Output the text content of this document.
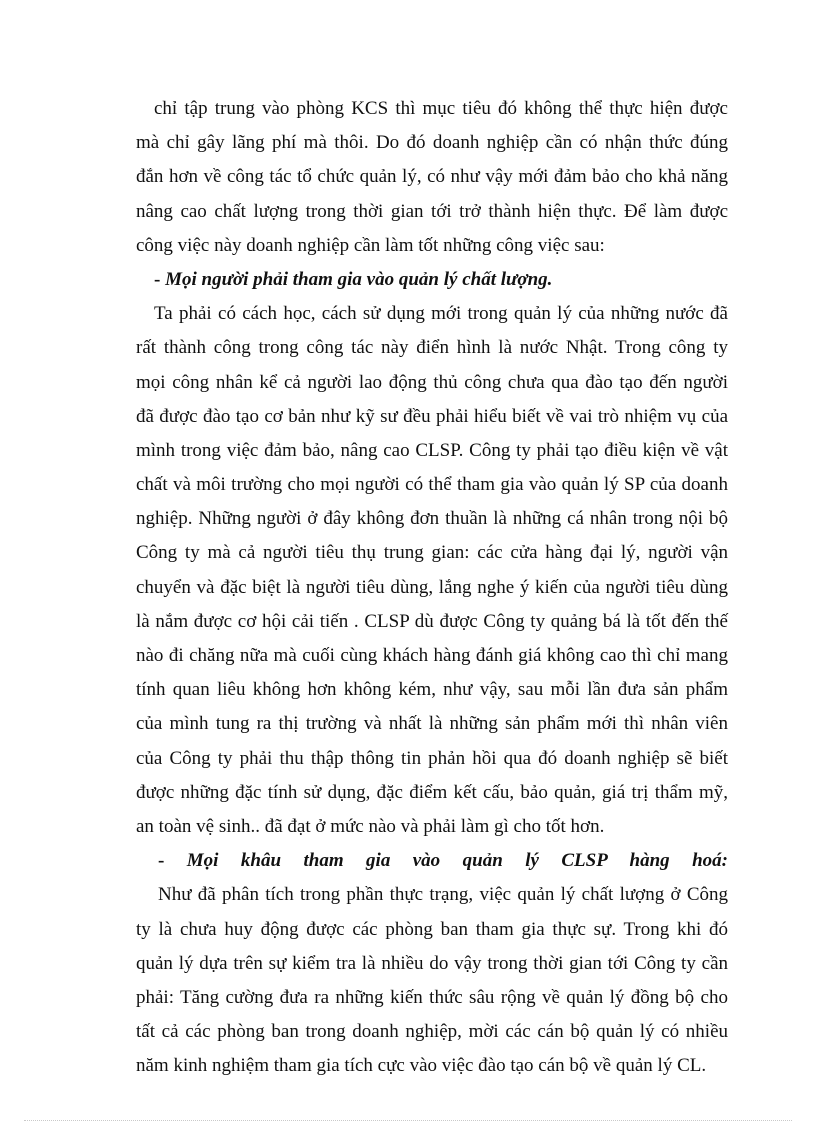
chỉ tập trung vào phòng KCS thì mục tiêu đó không thể thực hiện được
mà chỉ gây lãng phí mà thôi. Do đó doanh nghiệp cần có nhận thức đúng
đắn hơn về công tác tổ chức quản lý, có như vậy mới đảm bảo cho khả năng
nâng cao chất lượng trong thời gian tới trở thành hiện thực. Để làm được
công việc này doanh nghiệp cần làm tốt những công việc sau:
- Mọi người phải tham gia vào quản lý chất lượng.
Ta phải có cách học, cách sử dụng mới trong quản lý của những nước đã
rất thành công trong công tác này điển hình là nước Nhật. Trong công ty
mọi công nhân kể cả người lao động thủ công chưa qua đào tạo đến người
đã được đào tạo cơ bản như kỹ sư đều phải hiểu biết về vai trò nhiệm vụ của
mình trong việc đảm bảo, nâng cao CLSP. Công ty phải tạo điều kiện về vật
chất và môi trường cho mọi người có thể tham gia vào quản lý SP của doanh
nghiệp. Những người ở đây không đơn thuần là những cá nhân trong nội bộ
Công ty mà cả người tiêu thụ trung gian: các cửa hàng đại lý, người vận
chuyển và đặc biệt là người tiêu dùng, lắng nghe ý kiến của người tiêu dùng
là nắm được cơ hội cải tiến . CLSP dù được Công ty quảng bá là tốt đến thế
nào đi chăng nữa mà cuối cùng khách hàng đánh giá không cao thì chỉ mang
tính quan liêu không hơn không kém, như vậy, sau mỗi lần đưa sản phẩm
của mình tung ra thị trường và nhất là những sản phẩm mới thì nhân viên
của Công ty phải thu thập thông tin phản hồi qua đó doanh nghiệp sẽ biết
được những đặc tính sử dụng, đặc điểm kết cấu, bảo quản, giá trị thẩm mỹ,
an toàn vệ sinh.. đã đạt ở mức nào và phải làm gì cho tốt hơn.
- Mọi khâu tham gia vào quản lý CLSP hàng hoá:
Như đã phân tích trong phần thực trạng, việc quản lý chất lượng ở Công
ty là chưa huy động được các phòng ban tham gia thực sự. Trong khi đó
quản lý dựa trên sự kiểm tra là nhiều do vậy trong thời gian tới Công ty cần
phải: Tăng cường đưa ra những kiến thức sâu rộng về quản lý đồng bộ cho
tất cả các phòng ban trong doanh nghiệp, mời các cán bộ quản lý có nhiều
năm kinh nghiệm tham gia tích cực vào việc đào tạo cán bộ về quản lý CL.
